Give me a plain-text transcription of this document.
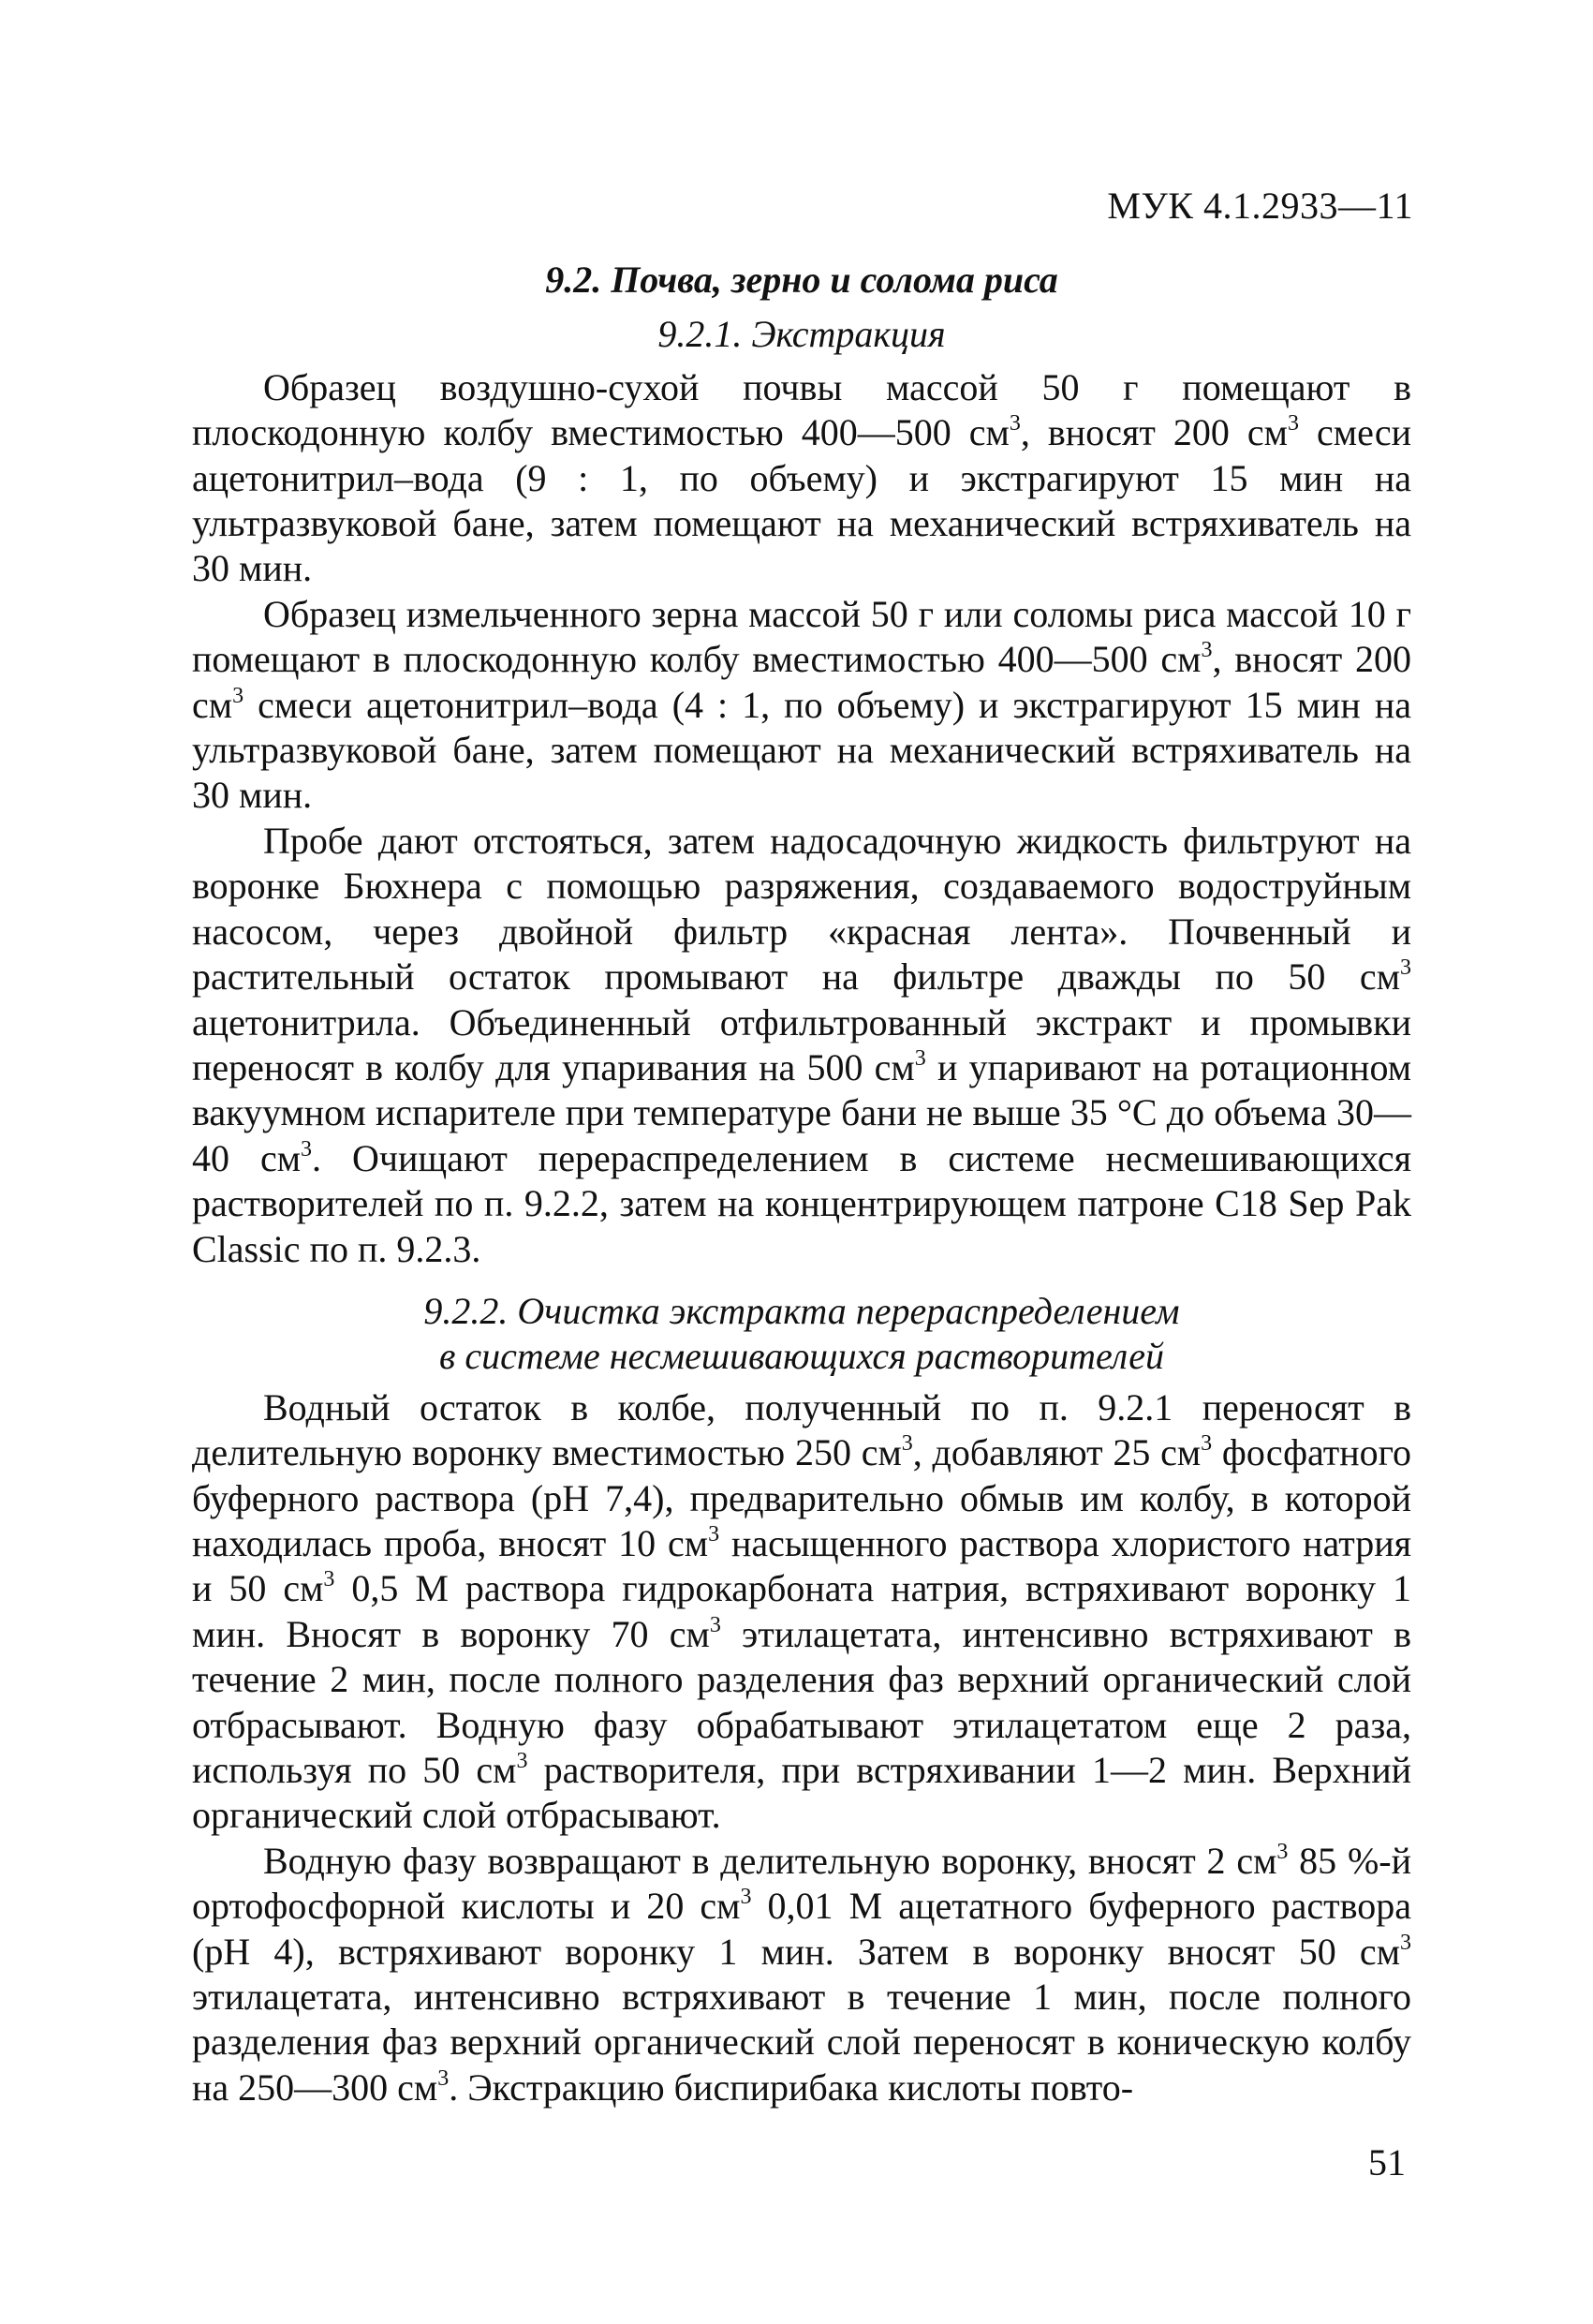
МУК 4.1.2933—11

9.2. Почва, зерно и солома риса

9.2.1. Экстракция

Образец воздушно-сухой почвы массой 50 г помещают в плоскодонную колбу вместимостью 400—500 $см^3$, вносят 200 $см^3$ смеси ацетонитрил–вода (9 : 1, по объему) и экстрагируют 15 мин на ультразвуковой бане, затем помещают на механический встряхиватель на 30 мин.

Образец измельченного зерна массой 50 г или соломы риса массой 10 г помещают в плоскодонную колбу вместимостью 400—500 $см^3$, вносят 200 $см^3$ смеси ацетонитрил–вода (4 : 1, по объему) и экстрагируют 15 мин на ультразвуковой бане, затем помещают на механический встряхиватель на 30 мин.

Пробе дают отстояться, затем надосадочную жидкость фильтруют на воронке Бюхнера с помощью разряжения, создаваемого водоструйным насосом, через двойной фильтр «красная лента». Почвенный и растительный остаток промывают на фильтре дважды по 50 $см^3$ ацетонитрила. Объединенный отфильтрованный экстракт и промывки переносят в колбу для упаривания на 500 $см^3$ и упаривают на ротационном вакуумном испарителе при температуре бани не выше 35 °С до объема 30—40 $см^3$. Очищают перераспределением в системе несмешивающихся растворителей по п. 9.2.2, затем на концентрирующем патроне C18 Sep Pak Classic по п. 9.2.3.

9.2.2. Очистка экстракта перераспределением
в системе несмешивающихся растворителей

Водный остаток в колбе, полученный по п. 9.2.1 переносят в делительную воронку вместимостью 250 $см^3$, добавляют 25 $см^3$ фосфатного буферного раствора (рН 7,4), предварительно обмыв им колбу, в которой находилась проба, вносят 10 $см^3$ насыщенного раствора хлористого натрия и 50 $см^3$ 0,5 М раствора гидрокарбоната натрия, встряхивают воронку 1 мин. Вносят в воронку 70 $см^3$ этилацетата, интенсивно встряхивают в течение 2 мин, после полного разделения фаз верхний органический слой отбрасывают. Водную фазу обрабатывают этилацетатом еще 2 раза, используя по 50 $см^3$ растворителя, при встряхивании 1—2 мин. Верхний органический слой отбрасывают.

Водную фазу возвращают в делительную воронку, вносят 2 $см^3$ 85 %-й ортофосфорной кислоты и 20 $см^3$ 0,01 М ацетатного буферного раствора (рН 4), встряхивают воронку 1 мин. Затем в воронку вносят 50 $см^3$ этилацетата, интенсивно встряхивают в течение 1 мин, после полного разделения фаз верхний органический слой переносят в коническую колбу на 250—300 $см^3$. Экстракцию биспирибака кислоты повто-

51
